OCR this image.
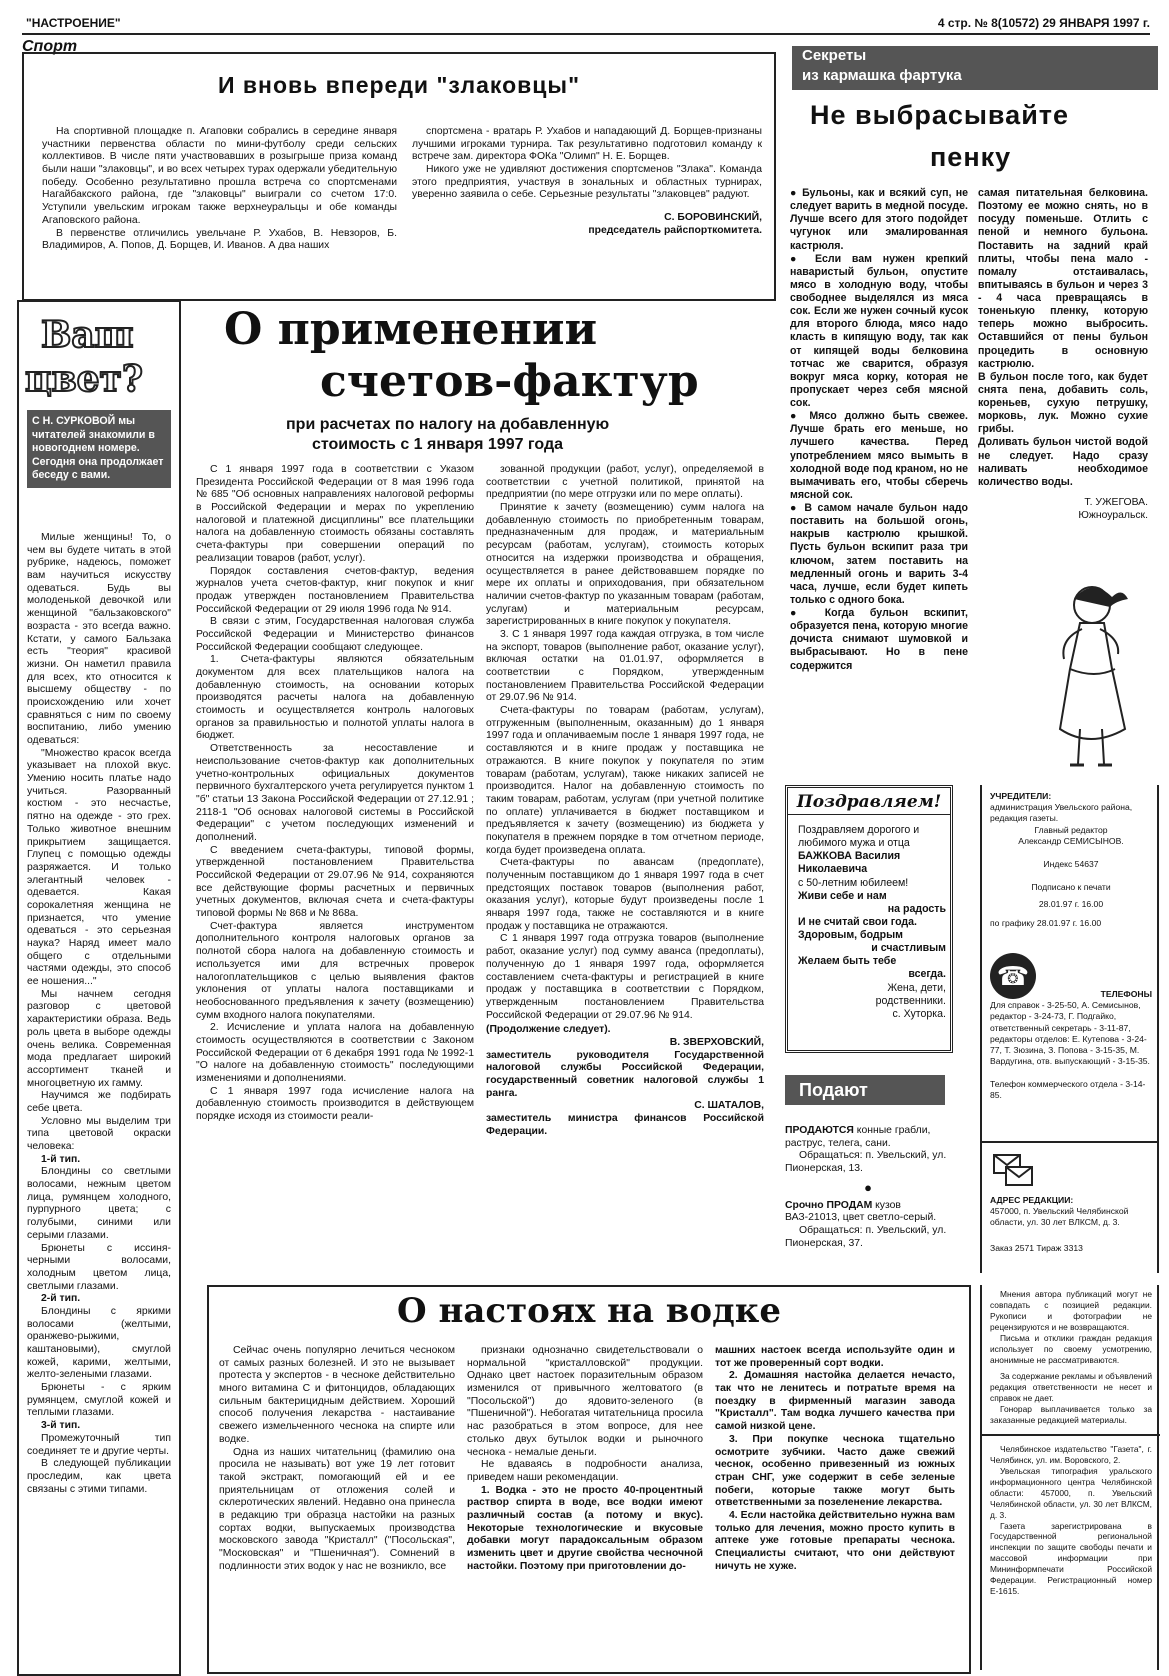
"НАСТРОЕНИЕ"	4 стр. № 8(10572) 29 ЯНВАРЯ 1997 г.
Спорт
И вновь впереди "злаковцы"

На спортивной площадке п. Агаповки собрались в середине января участники первенства области по мини-футболу среди сельских коллективов. В числе пяти участвовавших в розыгрыше приза команд были наши "злаковцы", и во всех четырех турах одержали убедительную победу. Особенно результативно прошла встреча со спортсменами Нагайбакского района, где "злаковцы" выиграли со счетом 17:0. Уступили увельским игрокам также верхнеуральцы и обе команды Агаповского района.

В первенстве отличились увельчане Р. Ухабов, В. Невзоров, Б. Владимиров, А. Попов, Д. Борщев, И. Иванов. А два наших

спортсмена - вратарь Р. Ухабов и нападающий Д. Борщев-признаны лучшими игроками турнира. Так результативно подготовил команду к встрече зам. директора ФОКа "Олимп" Н. Е. Борщев.

Никого уже не удивляют достижения спортсменов "Злака". Команда этого предприятия, участвуя в зональных и областных турнирах, уверенно заявила о себе. Серьезные результаты "злаковцев" радуют.

С. БОРОВИНСКИЙ,
председатель райспорткомитета.
Секреты
из кармашка фартука
Не выбрасывайте
пенку

● Бульоны, как и всякий суп, не следует варить в медной посуде. Лучше всего для этого подойдет чугунок или эмалированная кастрюля.

● Если вам нужен крепкий наваристый бульон, опустите мясо в холодную воду, чтобы свободнее выделялся из мяса сок. Если же нужен сочный кусок для второго блюда, мясо надо класть в кипящую воду, так как от кипящей воды белковина тотчас же сварится, образуя вокруг мяса корку, которая не пропускает через себя мясной сок.

● Мясо должно быть свежее. Лучше брать его меньше, но лучшего качества. Перед употреблением мясо вымыть в холодной воде под краном, но не вымачивать его, чтобы сберечь мясной сок.

● В самом начале бульон надо поставить на большой огонь, накрыв кастрюлю крышкой. Пусть бульон вскипит раза три ключом, затем поставить на медленный огонь и варить 3-4 часа, лучше, если будет кипеть только с одного бока.

● Когда бульон вскипит, образуется пена, которую многие дочиста снимают шумовкой и выбрасывают. Но в пене содержится

самая питательная белковина. Поэтому ее можно снять, но в посуду поменьше. Отлить с пеной и немного бульона. Поставить на задний край плиты, чтобы пена мало - помалу отстаивалась, впитываясь в бульон и через 3 - 4 часа превращаясь в тоненькую пленку, которую теперь можно выбросить. Оставшийся от пены бульон процедить в основную кастрюлю.

В бульон после того, как будет снята пена, добавить соль, кореньев, сухую петрушку, морковь, лук. Можно сухие грибы.

Доливать бульон чистой водой не следует. Надо сразу наливать необходимое количество воды.

Т. УЖЕГОВА.
Южноуральск.
Ваш
цвет?
С Н. СУРКОВОЙ мы читателей знакомили в новогоднем номере. Сегодня она продолжает беседу с вами.

Милые женщины! То, о чем вы будете читать в этой рубрике, надеюсь, поможет вам научиться искусству одеваться. Будь вы молоденькой девочкой или женщиной "бальзаковского" возраста - это всегда важно. Кстати, у самого Бальзака есть "теория" красивой жизни. Он наметил правила для всех, кто относится к высшему обществу - по происхождению или хочет сравняться с ним по своему воспитанию, либо умению одеваться:

"Множество красок всегда указывает на плохой вкус. Умению носить платье надо учиться. Разорванный костюм - это несчастье, пятно на одежде - это грех. Только животное внешним прикрытием защищается. Глупец с помощью одежды разряжается. И только элегантный человек - одевается. Какая сорокалетняя женщина не признается, что умение одеваться - это серьезная наука? Наряд имеет мало общего с отдельными частями одежды, это способ ее ношения..."

Мы начнем сегодня разговор с цветовой характеристики образа. Ведь роль цвета в выборе одежды очень велика. Современная мода предлагает широкий ассортимент тканей и многоцветную их гамму.

Научимся же подбирать себе цвета.

Условно мы выделим три типа цветовой окраски человека:

1-й тип.

Блондины со светлыми волосами, нежным цветом лица, румянцем холодного, пурпурного цвета; с голубыми, синими или серыми глазами.

Брюнеты с иссиня-черными волосами, холодным цветом лица, светлыми глазами.

2-й тип.

Блондины с яркими волосами (желтыми, оранжево-рыжими, каштановыми), смуглой кожей, карими, желтыми, желто-зелеными глазами.

Брюнеты - с ярким румянцем, смуглой кожей и теплыми глазами.

3-й тип.

Промежуточный тип соединяет те и другие черты.

В следующей публикации проследим, как цвета связаны с этими типами.

О применении
счетов-фактур
при расчетах по налогу на добавленную
стоимость с 1 января 1997 года

С 1 января 1997 года в соответствии с Указом Президента Российской Федерации от 8 мая 1996 года № 685 "Об основных направлениях налоговой реформы в Российской Федерации и мерах по укреплению налоговой и платежной дисциплины" все плательщики налога на добавленную стоимость обязаны составлять счета-фактуры при совершении операций по реализации товаров (работ, услуг).

Порядок составления счетов-фактур, ведения журналов учета счетов-фактур, книг покупок и книг продаж утвержден постановлением Правительства Российской Федерации от 29 июля 1996 года № 914.

В связи с этим, Государственная налоговая служба Российской Федерации и Министерство финансов Российской Федерации сообщают следующее.

1. Счета-фактуры являются обязательным документом для всех плательщиков налога на добавленную стоимость, на основании которых производятся расчеты налога на добавленную стоимость и осуществляется контроль налоговых органов за правильностью и полнотой уплаты налога в бюджет.

Ответственность за несоставление и неиспользование счетов-фактур как дополнительных учетно-контрольных официальных документов первичного бухгалтерского учета регулируется пунктом 1 "б" статьи 13 Закона Российской Федерации от 27.12.91 ; 2118-1 "Об основах налоговой системы в Российской Федерации" с учетом последующих изменений и дополнений.

С введением счета-фактуры, типовой формы, утвержденной постановлением Правительства Российской Федерации от 29.07.96 № 914, сохраняются все действующие формы расчетных и первичных учетных документов, включая счета и счета-фактуры типовой формы № 868 и № 868а.

Счет-фактура является инструментом дополнительного контроля налоговых органов за полнотой сбора налога на добавленную стоимость и используется ими для встречных проверок налогоплательщиков с целью выявления фактов уклонения от уплаты налога поставщиками и необоснованного предъявления к зачету (возмещению) сумм входного налога покупателями.

2. Исчисление и уплата налога на добавленную стоимость осуществляются в соответствии с Законом Российской Федерации от 6 декабря 1991 года № 1992-1 "О налоге на добавленную стоимость" последующими изменениями и дополнениями.

С 1 января 1997 года исчисление налога на добавленную стоимость производится в действующем порядке исходя из стоимости реали-

зованной продукции (работ, услуг), определяемой в соответствии с учетной политикой, принятой на предприятии (по мере отгрузки или по мере оплаты).

Принятие к зачету (возмещению) сумм налога на добавленную стоимость по приобретенным товарам, предназначенным для продаж, и материальным ресурсам (работам, услугам), стоимость которых относится на издержки производства и обращения, осуществляется в ранее действовавшем порядке по мере их оплаты и оприходования, при обязательном наличии счетов-фактур по указанным товарам (работам, услугам) и материальным ресурсам, зарегистрированных в книге покупок у покупателя.

3. С 1 января 1997 года каждая отгрузка, в том числе на экспорт, товаров (выполнение работ, оказание услуг), включая остатки на 01.01.97, оформляется в соответствии с Порядком, утвержденным постановлением Правительства Российской Федерации от 29.07.96 № 914.

Счета-фактуры по товарам (работам, услугам), отгруженным (выполненным, оказанным) до 1 января 1997 года и оплачиваемым после 1 января 1997 года, не составляются и в книге продаж у поставщика не отражаются. В книге покупок у покупателя по этим товарам (работам, услугам), также никаких записей не производится. Налог на добавленную стоимость по таким товарам, работам, услугам (при учетной политике по оплате) уплачивается в бюджет поставщиком и предъявляется к зачету (возмещению) из бюджета у покупателя в прежнем порядке в том отчетном периоде, когда будет произведена оплата.

Счета-фактуры по авансам (предоплате), полученным поставщиком до 1 января 1997 года в счет предстоящих поставок товаров (выполнения работ, оказания услуг), которые будут произведены после 1 января 1997 года, также не составляются и в книге продаж у поставщика не отражаются.

С 1 января 1997 года отгрузка товаров (выполнение работ, оказание услуг) под сумму аванса (предоплаты), полученную до 1 января 1997 года, оформляется составлением счета-фактуры и регистрацией в книге продаж у поставщика в соответствии с Порядком, утвержденным постановлением Правительства Российской Федерации от 29.07.96 № 914.

(Продолжение следует).
В. ЗВЕРХОВСКИЙ,
заместитель руководителя Государственной налоговой службы Российской Федерации, государственный советник налоговой службы 1 ранга.
С. ШАТАЛОВ,
заместитель министра финансов Российской Федерации.
Поздравляем!
Поздравляем дорогого и любимого мужа и отца
БАЖКОВА Василия Николаевича
с 50-летним юбилеем!
Живи себе и нам
на радость
И не считай свои года.
Здоровым, бодрым
и счастливым
Желаем быть тебе
всегда.
Жена, дети,
родственники.
с. Хуторка.
Подают
ПРОДАЮТСЯ конные грабли, раструс, телега, сани.
Обращаться: п. Увельский, ул. Пионерская, 13.
●
Срочно ПРОДАМ кузов ВАЗ-21013, цвет светло-серый.
Обращаться: п. Увельский, ул. Пионерская, 37.
УЧРЕДИТЕЛИ:
администрация Увельского района, редакция газеты.
Главный редактор
Александр СЕМИСЫНОВ.
Индекс 54637
Подписано к печати
28.01.97 г. 16.00
по графику 28.01.97 г. 16.00
☎
ТЕЛЕФОНЫ
Для справок - 3-25-50, А. Семисынов, редактор - 3-24-73, Г. Подгайко, ответственный секретарь - 3-11-87, редакторы отделов: Е. Кутепова - 3-24-77, Т. Зюзина, З. Попова - 3-15-35, М. Вардугина, отв. выпускающий - 3-15-35.
Телефон коммерческого отдела - 3-14-85.
АДРЕС РЕДАКЦИИ:
457000, п. Увельский Челябинской области, ул. 30 лет ВЛКСМ, д. 3.
Заказ 2571 Тираж 3313
Мнения автора публикаций могут не совпадать с позицией редакции. Рукописи и фотографии не рецензируются и не возвращаются.
Письма и отклики граждан редакция использует по своему усмотрению, анонимные не рассматриваются.
За содержание рекламы и объявлений редакция ответственности не несет и справок не дает.
Гонорар выплачивается только за заказанные редакцией материалы.
Челябинское издательство "Газета", г. Челябинск, ул. им. Воровского, 2.
Увельская типография уральского информационного центра Челябинской области: 457000, п. Увельский Челябинской области, ул. 30 лет ВЛКСМ, д. 3.
Газета зарегистрирована в Государственной региональной инспекции по защите свободы печати и массовой информации при Мининформпечати Российской Федерации. Регистрационный номер Е-1615.
О настоях на водке

Сейчас очень популярно лечиться чесноком от самых разных болезней. И это не вызывает протеста у экспертов - в чесноке действительно много витамина С и фитонцидов, обладающих сильным бактерицидным действием. Хороший способ получения лекарства - настаивание свежего измельченного чеснока на спирте или водке.

Одна из наших читательниц (фамилию она просила не называть) вот уже 19 лет готовит такой экстракт, помогающий ей и ее приятельницам от отложения солей и склеротических явлений. Недавно она принесла в редакцию три образца настойки на разных сортах водки, выпускаемых производства московского завода "Кристалл" ("Посольская", "Московская" и "Пшеничная"). Сомнений в подлинности этих водок у нас не возникло, все

признаки однозначно свидетельствовали о нормальной "кристалловской" продукции. Однако цвет настоек поразительным образом изменился от привычного желтоватого (в "Посольской") до ядовито-зеленого (в "Пшеничной"). Небогатая читательница просила нас разобраться в этом вопросе, для нее столько двух бутылок водки и рыночного чеснока - немалые деньги.

Не вдаваясь в подробности анализа, приведем наши рекомендации.

1. Водка - это не просто 40-процентный раствор спирта в воде, все водки имеют различный состав (а потому и вкус). Некоторые технологические и вкусовые добавки могут парадоксальным образом изменить цвет и другие свойства чесночной настойки. Поэтому при приготовлении до-

машних настоек всегда используйте один и тот же проверенный сорт водки.

2. Домашняя настойка делается нечасто, так что не ленитесь и потратьте время на поездку в фирменный магазин завода "Кристалл". Там водка лучшего качества при самой низкой цене.

3. При покупке чеснока тщательно осмотрите зубчики. Часто даже свежий чеснок, особенно привезенный из южных стран СНГ, уже содержит в себе зеленые побеги, которые также могут быть ответственными за позеленение лекарства.

4. Если настойка действительно нужна вам только для лечения, можно просто купить в аптеке уже готовые препараты чеснока. Специалисты считают, что они действуют ничуть не хуже.
